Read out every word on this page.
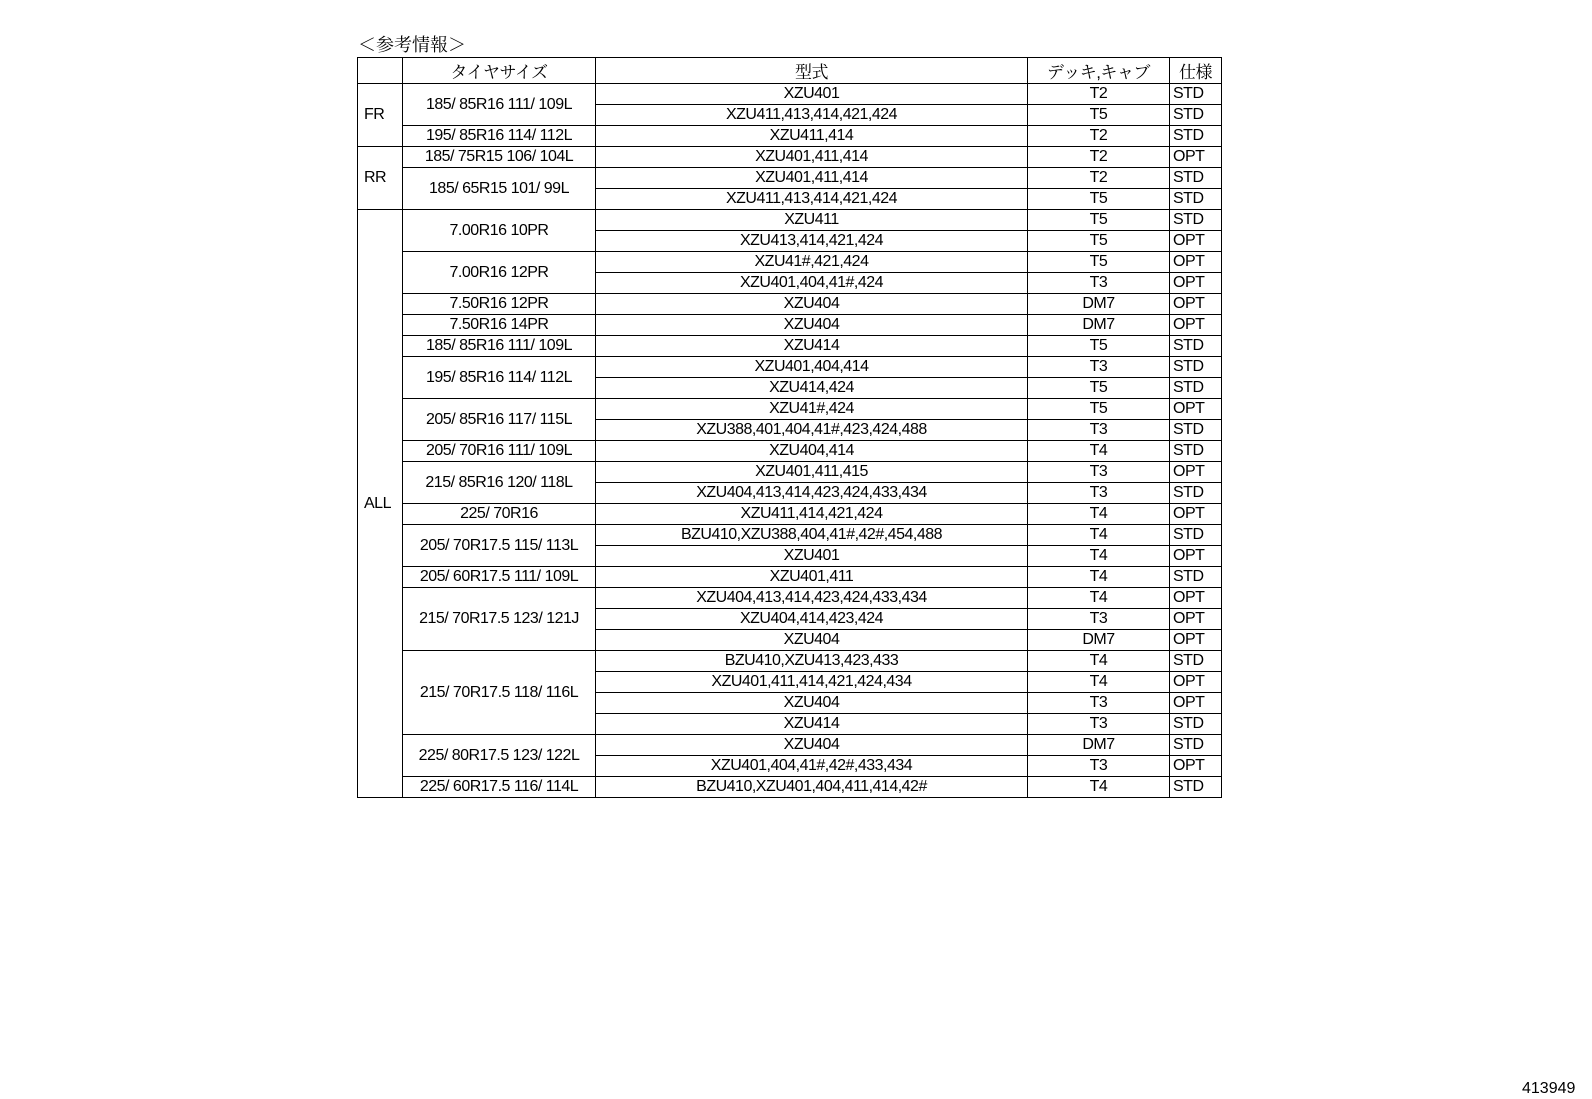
＜参考情報＞
	タイヤサイズ	型式	デッキ,キャブ	仕様
FR	185/ 85R16 111/ 109L	XZU401	T2	STD
		XZU411,413,414,421,424	T5	STD
	195/ 85R16 114/ 112L	XZU411,414	T2	STD
RR	185/ 75R15 106/ 104L	XZU401,411,414	T2	OPT
	185/ 65R15 101/ 99L	XZU401,411,414	T2	STD
		XZU411,413,414,421,424	T5	STD
ALL	7.00R16 10PR	XZU411	T5	STD
		XZU413,414,421,424	T5	OPT
	7.00R16 12PR	XZU41#,421,424	T5	OPT
		XZU401,404,41#,424	T3	OPT
	7.50R16 12PR	XZU404	DM7	OPT
	7.50R16 14PR	XZU404	DM7	OPT
	185/ 85R16 111/ 109L	XZU414	T5	STD
	195/ 85R16 114/ 112L	XZU401,404,414	T3	STD
		XZU414,424	T5	STD
	205/ 85R16 117/ 115L	XZU41#,424	T5	OPT
		XZU388,401,404,41#,423,424,488	T3	STD
	205/ 70R16 111/ 109L	XZU404,414	T4	STD
	215/ 85R16 120/ 118L	XZU401,411,415	T3	OPT
		XZU404,413,414,423,424,433,434	T3	STD
	225/ 70R16	XZU411,414,421,424	T4	OPT
	205/ 70R17.5 115/ 113L	BZU410,XZU388,404,41#,42#,454,488	T4	STD
		XZU401	T4	OPT
	205/ 60R17.5 111/ 109L	XZU401,411	T4	STD
	215/ 70R17.5 123/ 121J	XZU404,413,414,423,424,433,434	T4	OPT
		XZU404,414,423,424	T3	OPT
		XZU404	DM7	OPT
	215/ 70R17.5 118/ 116L	BZU410,XZU413,423,433	T4	STD
		XZU401,411,414,421,424,434	T4	OPT
		XZU404	T3	OPT
		XZU414	T3	STD
	225/ 80R17.5 123/ 122L	XZU404	DM7	STD
		XZU401,404,41#,42#,433,434	T3	OPT
	225/ 60R17.5 116/ 114L	BZU410,XZU401,404,411,414,42#	T4	STD
413949
